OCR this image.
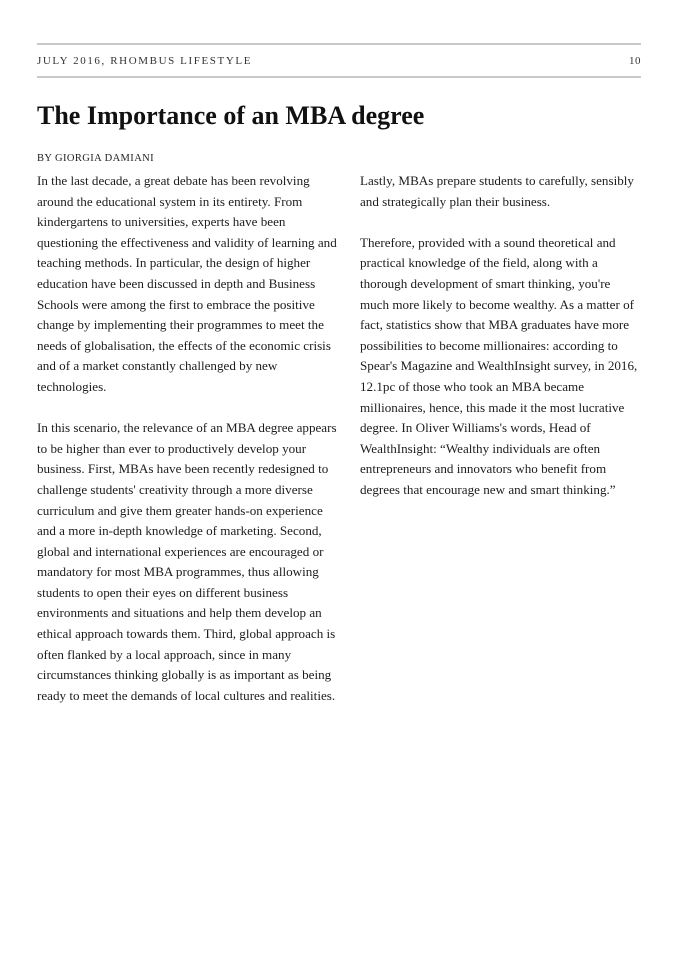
JULY 2016, RHOMBUS LIFESTYLE	10
The Importance of an MBA degree
BY GIORGIA DAMIANI

In the last decade, a great debate has been revolving around the educational system in its entirety. From kindergartens to universities, experts have been questioning the effectiveness and validity of learning and teaching methods. In particular, the design of higher education have been discussed in depth and Business Schools were among the first to embrace the positive change by implementing their programmes to meet the needs of globalisation, the effects of the economic crisis and of a market constantly challenged by new technologies.

In this scenario, the relevance of an MBA degree appears to be higher than ever to productively develop your business. First, MBAs have been recently redesigned to challenge students' creativity through a more diverse curriculum and give them greater hands-on experience and a more in-depth knowledge of marketing. Second, global and international experiences are encouraged or mandatory for most MBA programmes, thus allowing students to open their eyes on different business environments and situations and help them develop an ethical approach towards them. Third, global approach is often flanked by a local approach, since in many circumstances thinking globally is as important as being ready to meet the demands of local cultures and realities.

Lastly, MBAs prepare students to carefully, sensibly and strategically plan their business.

Therefore, provided with a sound theoretical and practical knowledge of the field, along with a thorough development of smart thinking, you're much more likely to become wealthy. As a matter of fact, statistics show that MBA graduates have more possibilities to become millionaires: according to Spear's Magazine and WealthInsight survey, in 2016, 12.1pc of those who took an MBA became millionaires, hence, this made it the most lucrative degree. In Oliver Williams's words, Head of WealthInsight: “Wealthy individuals are often entrepreneurs and innovators who benefit from degrees that encourage new and smart thinking.”
